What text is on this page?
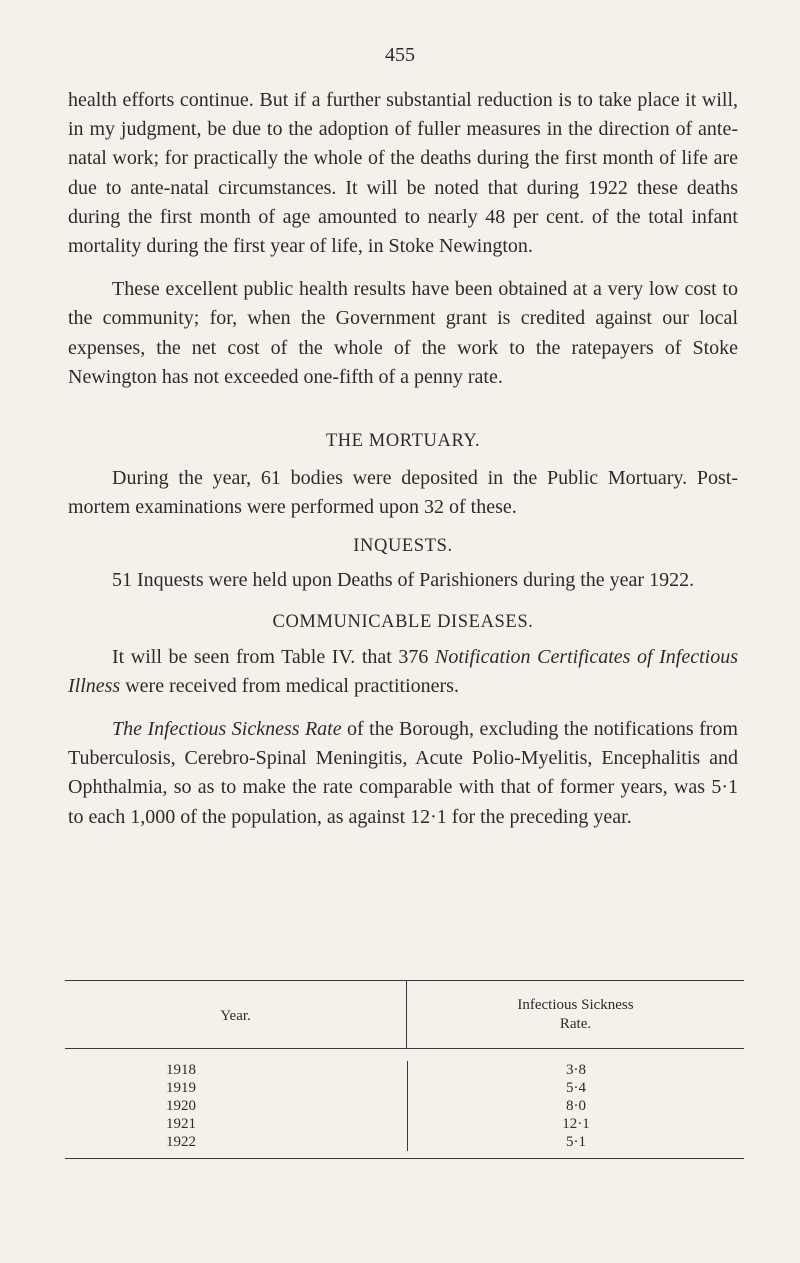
455

health efforts continue. But if a further substantial reduction is to take place it will, in my judgment, be due to the adoption of fuller measures in the direction of ante-natal work; for practically the whole of the deaths during the first month of life are due to ante-natal circumstances. It will be noted that during 1922 these deaths during the first month of age amounted to nearly 48 per cent. of the total infant mortality during the first year of life, in Stoke Newington.

These excellent public health results have been obtained at a very low cost to the community; for, when the Government grant is credited against our local expenses, the net cost of the whole of the work to the ratepayers of Stoke Newington has not exceeded one-fifth of a penny rate.

THE MORTUARY.

During the year, 61 bodies were deposited in the Public Mortuary. Post-mortem examinations were performed upon 32 of these.

INQUESTS.

51 Inquests were held upon Deaths of Parishioners during the year 1922.

COMMUNICABLE DISEASES.

It will be seen from Table IV. that 376 Notification Certificates of Infectious Illness were received from medical practitioners.

The Infectious Sickness Rate of the Borough, excluding the notifications from Tuberculosis, Cerebro-Spinal Meningitis, Acute Polio-Myelitis, Encephalitis and Ophthalmia, so as to make the rate comparable with that of former years, was 5·1 to each 1,000 of the population, as against 12·1 for the preceding year.

Year.
Infectious Sickness
Rate.
1918
1919
1920
1921
1922
3·8
5·4
8·0
12·1
5·1
